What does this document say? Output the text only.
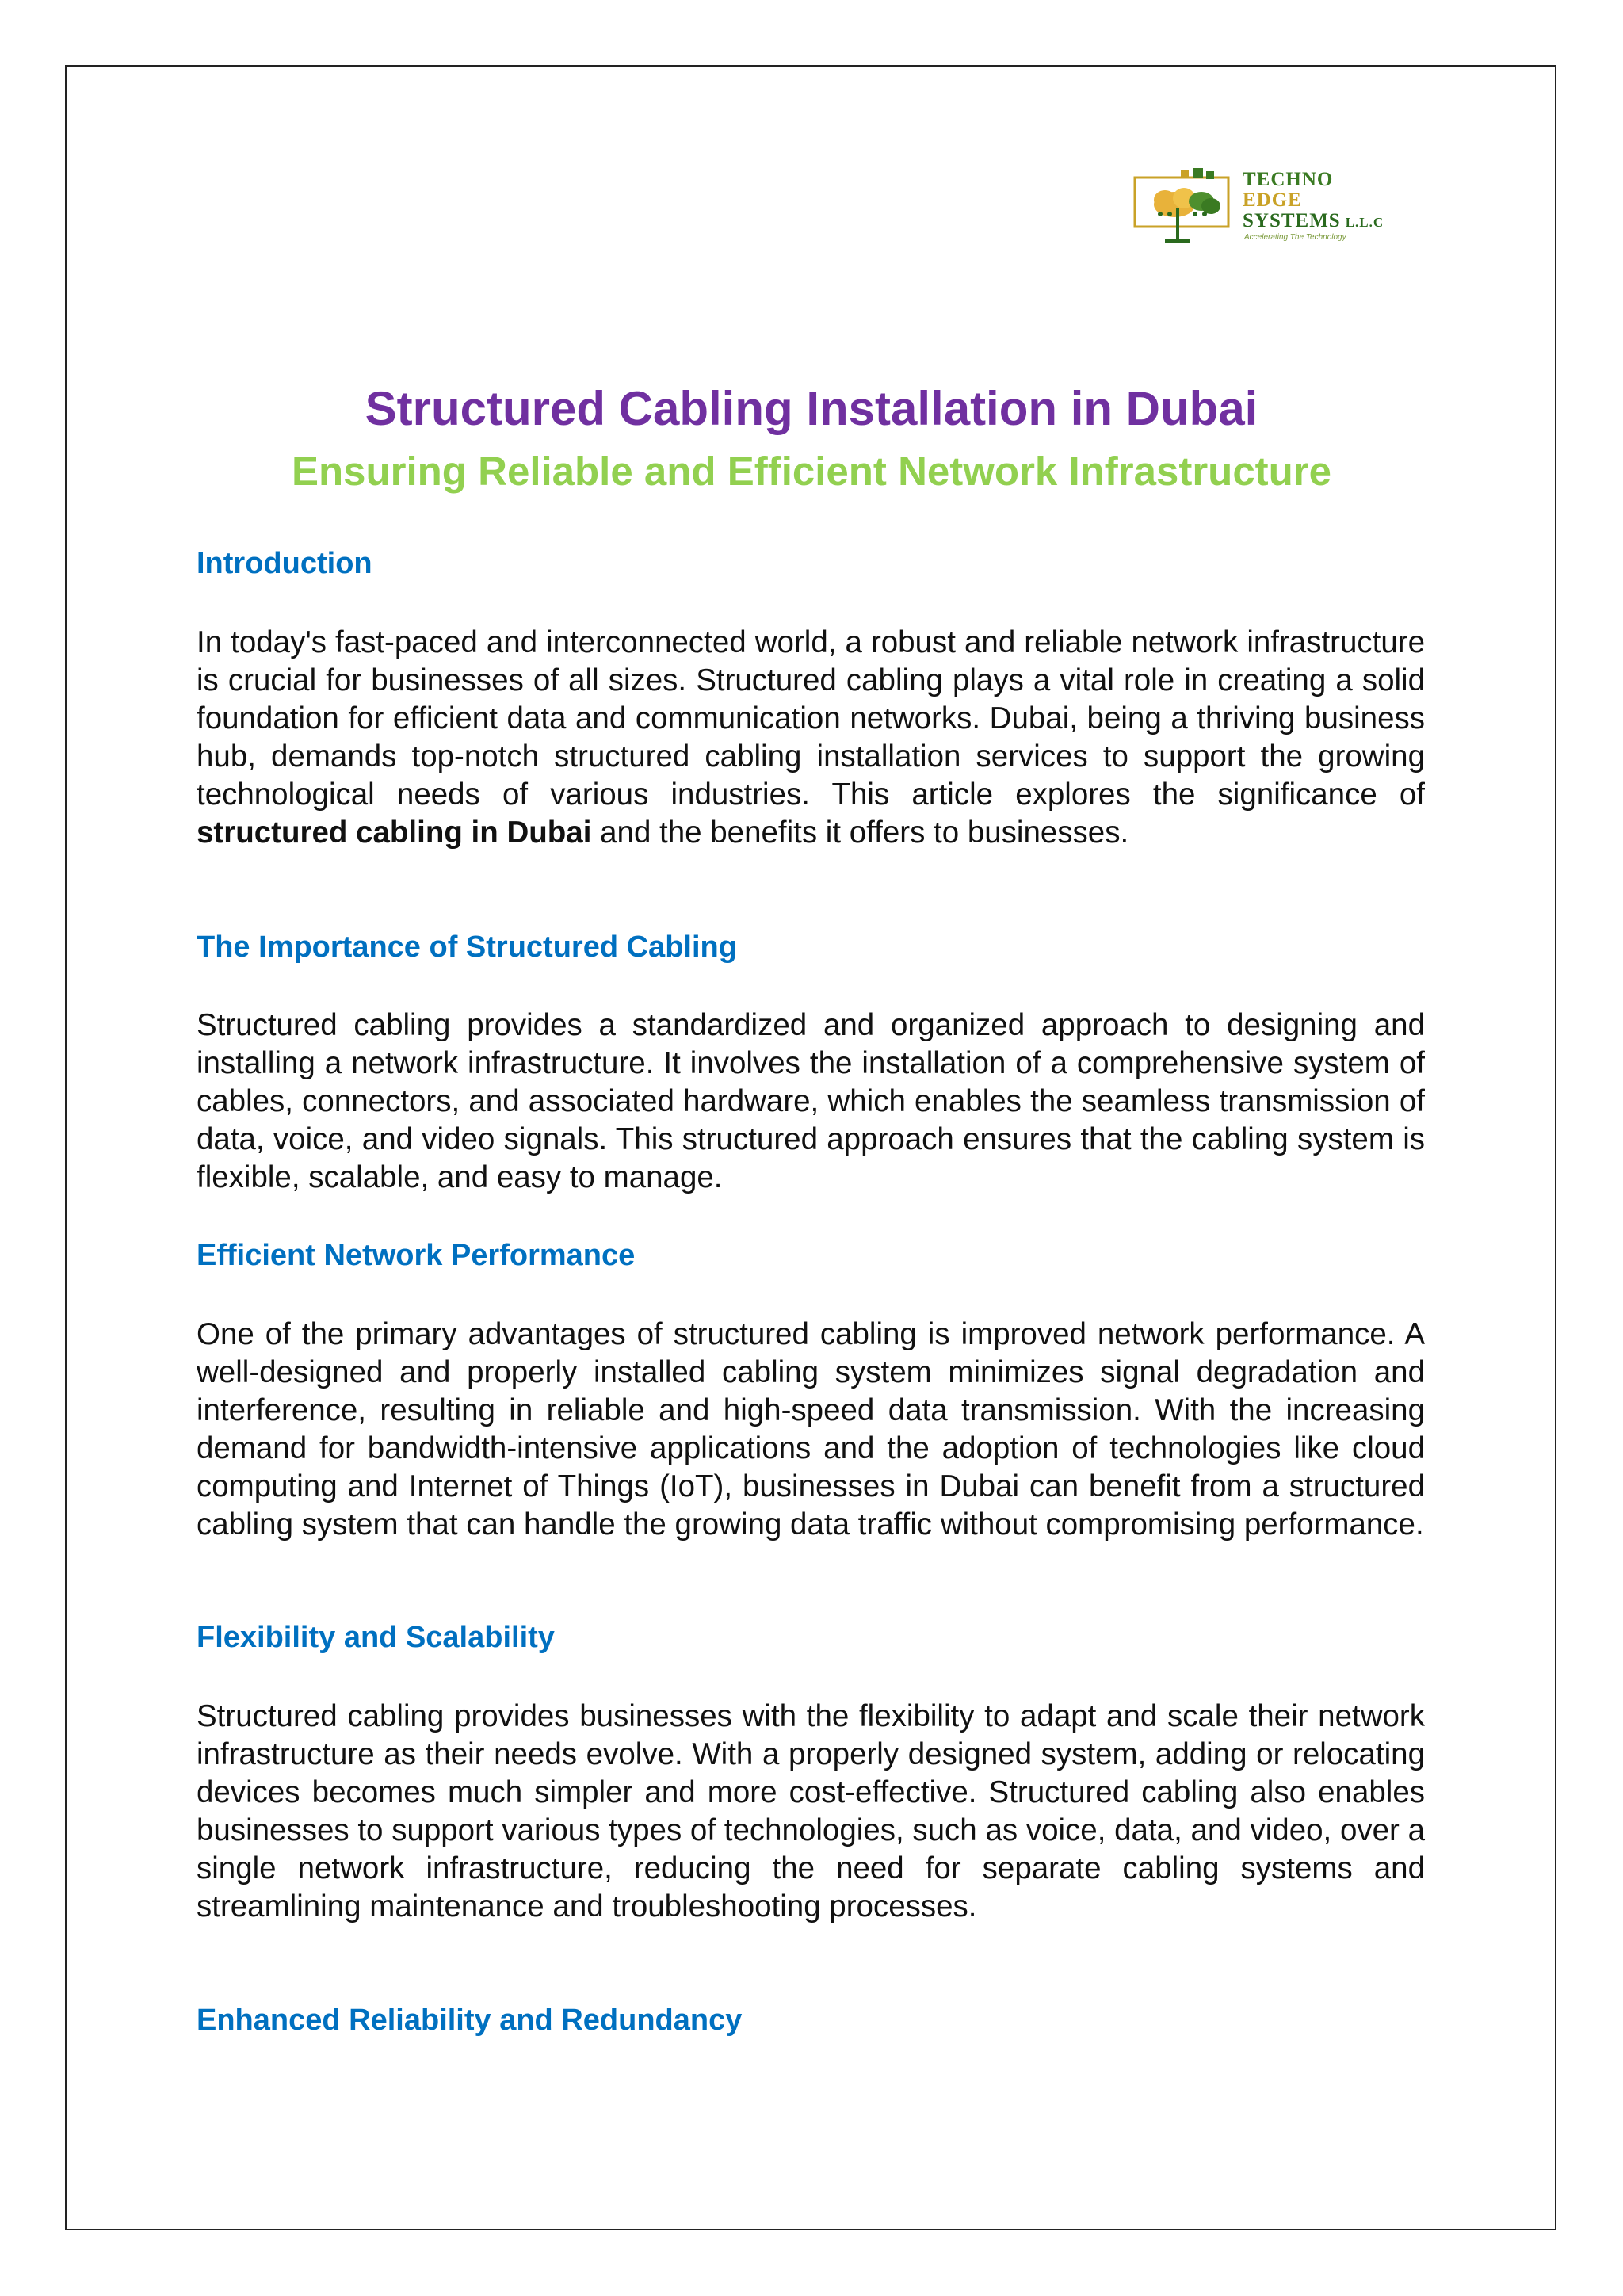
TECHNO
EDGE
SYSTEMS L.L.C
Accelerating The Technology
Structured Cabling Installation in Dubai
Ensuring Reliable and Efficient Network Infrastructure
Introduction

In today's fast-paced and interconnected world, a robust and reliable network infrastructure is crucial for businesses of all sizes. Structured cabling plays a vital role in creating a solid foundation for efficient data and communication networks. Dubai, being a thriving business hub, demands top-notch structured cabling installation services to support the growing technological needs of various industries. This article explores the significance of structured cabling in Dubai and the benefits it offers to businesses.

The Importance of Structured Cabling

Structured cabling provides a standardized and organized approach to designing and installing a network infrastructure. It involves the installation of a comprehensive system of cables, connectors, and associated hardware, which enables the seamless transmission of data, voice, and video signals. This structured approach ensures that the cabling system is flexible, scalable, and easy to manage.

Efficient Network Performance

One of the primary advantages of structured cabling is improved network performance. A well-designed and properly installed cabling system minimizes signal degradation and interference, resulting in reliable and high-speed data transmission. With the increasing demand for bandwidth-intensive applications and the adoption of technologies like cloud computing and Internet of Things (IoT), businesses in Dubai can benefit from a structured cabling system that can handle the growing data traffic without compromising performance.

Flexibility and Scalability

Structured cabling provides businesses with the flexibility to adapt and scale their network infrastructure as their needs evolve. With a properly designed system, adding or relocating devices becomes much simpler and more cost-effective. Structured cabling also enables businesses to support various types of technologies, such as voice, data, and video, over a single network infrastructure, reducing the need for separate cabling systems and streamlining maintenance and troubleshooting processes.

Enhanced Reliability and Redundancy
